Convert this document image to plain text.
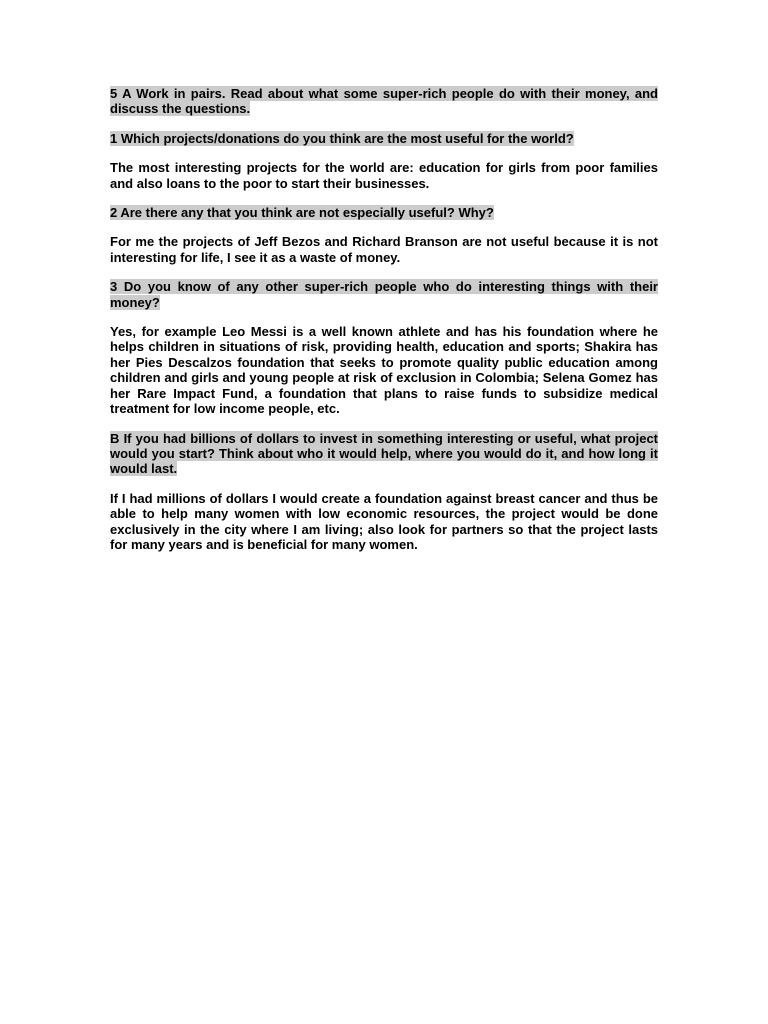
5 A Work in pairs. Read about what some super-rich people do with their money, and discuss the questions.

1 Which projects/donations do you think are the most useful for the world?

The most interesting projects for the world are: education for girls from poor families and also loans to the poor to start their businesses.

2 Are there any that you think are not especially useful? Why?

For me the projects of Jeff Bezos and Richard Branson are not useful because it is not interesting for life, I see it as a waste of money.

3 Do you know of any other super-rich people who do interesting things with their money?

Yes, for example Leo Messi is a well known athlete and has his foundation where he helps children in situations of risk, providing health, education and sports; Shakira has her Pies Descalzos foundation that seeks to promote quality public education among children and girls and young people at risk of exclusion in Colombia; Selena Gomez has her Rare Impact Fund, a foundation that plans to raise funds to subsidize medical treatment for low income people, etc.

B If you had billions of dollars to invest in something interesting or useful, what project would you start? Think about who it would help, where you would do it, and how long it would last.

If I had millions of dollars I would create a foundation against breast cancer and thus be able to help many women with low economic resources, the project would be done exclusively in the city where I am living; also look for partners so that the project lasts for many years and is beneficial for many women.
